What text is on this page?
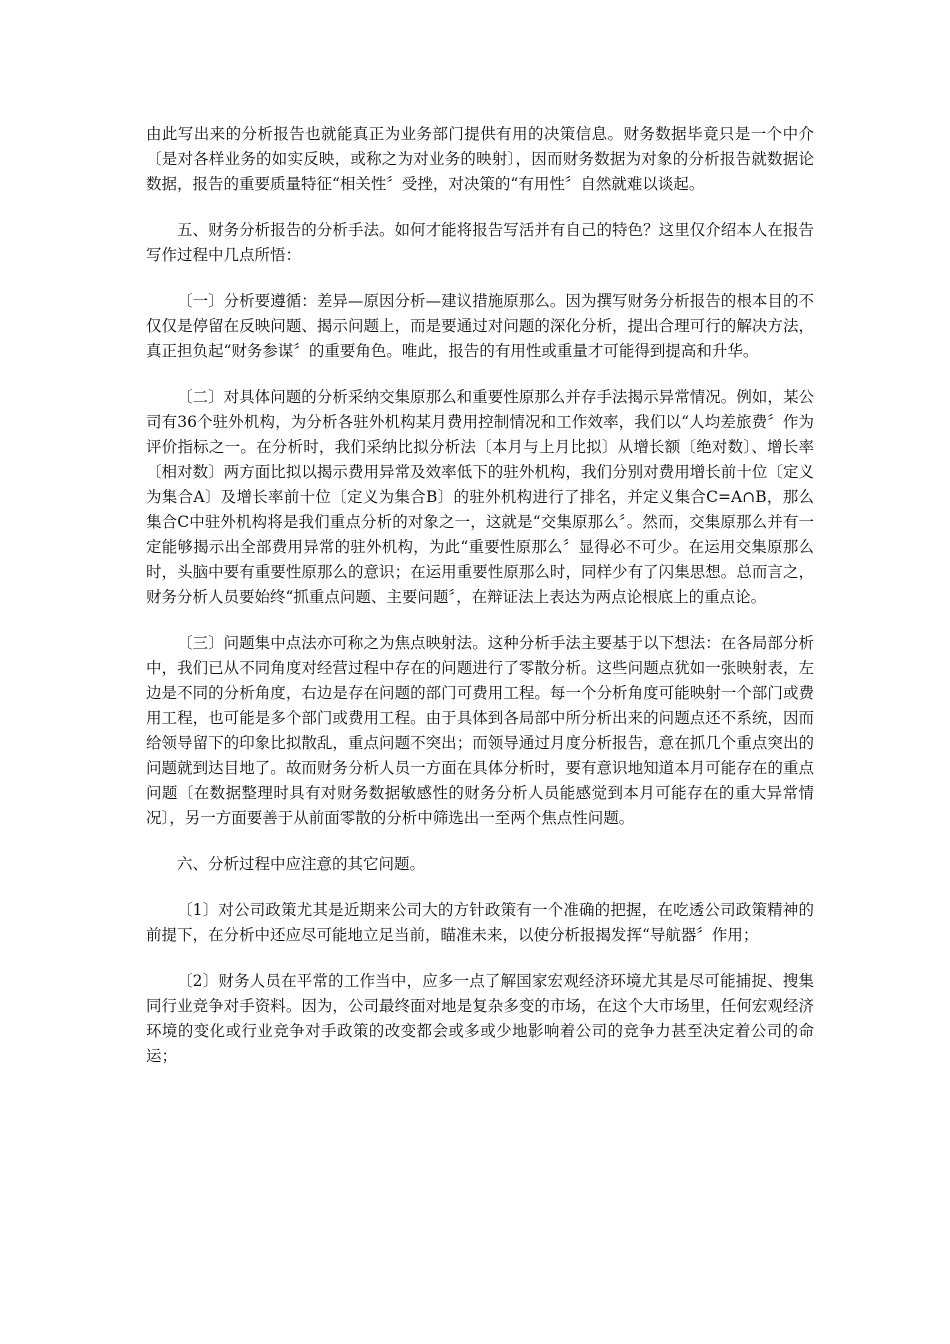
由此写出来的分析报告也就能真正为业务部门提供有用的决策信息。财务数据毕竟只是一个中介〔是对各样业务的如实反映，或称之为对业务的映射〕，因而财务数据为对象的分析报告就数据论数据，报告的重要质量特征“相关性〞受挫，对决策的“有用性〞自然就难以谈起。

五、财务分析报告的分析手法。如何才能将报告写活并有自己的特色？这里仅介绍本人在报告写作过程中几点所悟：

〔一〕分析要遵循：差异—原因分析—建议措施原那么。因为撰写财务分析报告的根本目的不仅仅是停留在反映问题、揭示问题上，而是要通过对问题的深化分析，提出合理可行的解决方法，真正担负起“财务参谋〞的重要角色。唯此，报告的有用性或重量才可能得到提高和升华。

〔二〕对具体问题的分析采纳交集原那么和重要性原那么并存手法揭示异常情况。例如，某公司有36个驻外机构，为分析各驻外机构某月费用控制情况和工作效率，我们以“人均差旅费〞作为评价指标之一。在分析时，我们采纳比拟分析法〔本月与上月比拟〕从增长额〔绝对数〕、增长率〔相对数〕两方面比拟以揭示费用异常及效率低下的驻外机构，我们分别对费用增长前十位〔定义为集合A〕及增长率前十位〔定义为集合B〕的驻外机构进行了排名，并定义集合C=A∩B，那么集合C中驻外机构将是我们重点分析的对象之一，这就是“交集原那么〞。然而，交集原那么并有一定能够揭示出全部费用异常的驻外机构，为此“重要性原那么〞显得必不可少。在运用交集原那么时，头脑中要有重要性原那么的意识；在运用重要性原那么时，同样少有了闪集思想。总而言之，财务分析人员要始终“抓重点问题、主要问题〞，在辩证法上表达为两点论根底上的重点论。

〔三〕问题集中点法亦可称之为焦点映射法。这种分析手法主要基于以下想法：在各局部分析中，我们已从不同角度对经营过程中存在的问题进行了零散分析。这些问题点犹如一张映射表，左边是不同的分析角度，右边是存在问题的部门可费用工程。每一个分析角度可能映射一个部门或费用工程，也可能是多个部门或费用工程。由于具体到各局部中所分析出来的问题点还不系统，因而给领导留下的印象比拟散乱，重点问题不突出；而领导通过月度分析报告，意在抓几个重点突出的问题就到达目地了。故而财务分析人员一方面在具体分析时，要有意识地知道本月可能存在的重点问题〔在数据整理时具有对财务数据敏感性的财务分析人员能感觉到本月可能存在的重大异常情况〕，另一方面要善于从前面零散的分析中筛选出一至两个焦点性问题。

六、分析过程中应注意的其它问题。

〔1〕对公司政策尤其是近期来公司大的方针政策有一个准确的把握，在吃透公司政策精神的前提下，在分析中还应尽可能地立足当前，瞄准未来，以使分析报揭发挥“导航器〞作用；

〔2〕财务人员在平常的工作当中，应多一点了解国家宏观经济环境尤其是尽可能捕捉、搜集同行业竞争对手资料。因为，公司最终面对地是复杂多变的市场，在这个大市场里，任何宏观经济环境的变化或行业竞争对手政策的改变都会或多或少地影响着公司的竞争力甚至决定着公司的命运；
